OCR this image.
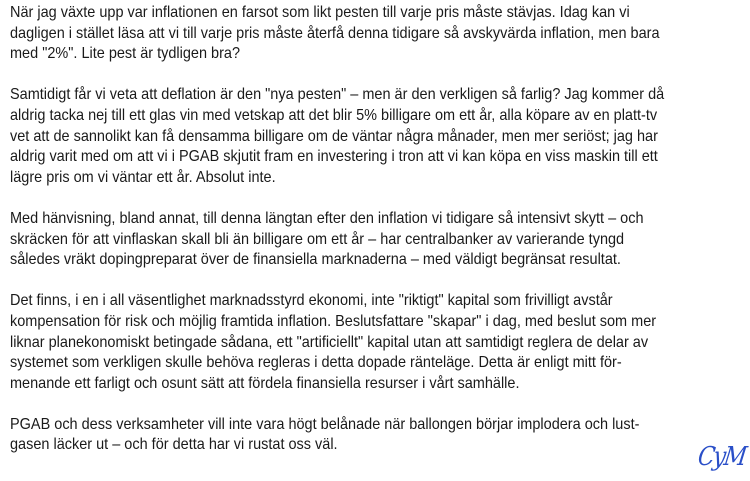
När jag växte upp var inflationen en farsot som likt pesten till varje pris måste stävjas. Idag kan vi
dagligen i stället läsa att vi till varje pris måste återfå denna tidigare så avskyvärda inflation, men bara
med "2%". Lite pest är tydligen bra?
Samtidigt får vi veta att deflation är den "nya pesten" – men är den verkligen så farlig? Jag kommer då
aldrig tacka nej till ett glas vin med vetskap att det blir 5% billigare om ett år, alla köpare av en platt-tv
vet att de sannolikt kan få densamma billigare om de väntar några månader, men mer seriöst; jag har
aldrig varit med om att vi i PGAB skjutit fram en investering i tron att vi kan köpa en viss maskin till ett
lägre pris om vi väntar ett år. Absolut inte.
Med hänvisning, bland annat, till denna längtan efter den inflation vi tidigare så intensivt skytt – och
skräcken för att vinflaskan skall bli än billigare om ett år – har centralbanker av varierande tyngd
således vräkt dopingpreparat över de finansiella marknaderna – med väldigt begränsat resultat.
Det finns, i en i all väsentlighet marknadsstyrd ekonomi, inte "riktigt" kapital som frivilligt avstår
kompensation för risk och möjlig framtida inflation. Beslutsfattare "skapar" i dag, med beslut som mer
liknar planekonomiskt betingade sådana, ett "artificiellt" kapital utan att samtidigt reglera de delar av
systemet som verkligen skulle behöva regleras i detta dopade ränteläge. Detta är enligt mitt för-
menande ett farligt och osunt sätt att fördela finansiella resurser i vårt samhälle.
PGAB och dess verksamheter vill inte vara högt belånade när ballongen börjar implodera och lust-
gasen läcker ut – och för detta har vi rustat oss väl.	CyM
